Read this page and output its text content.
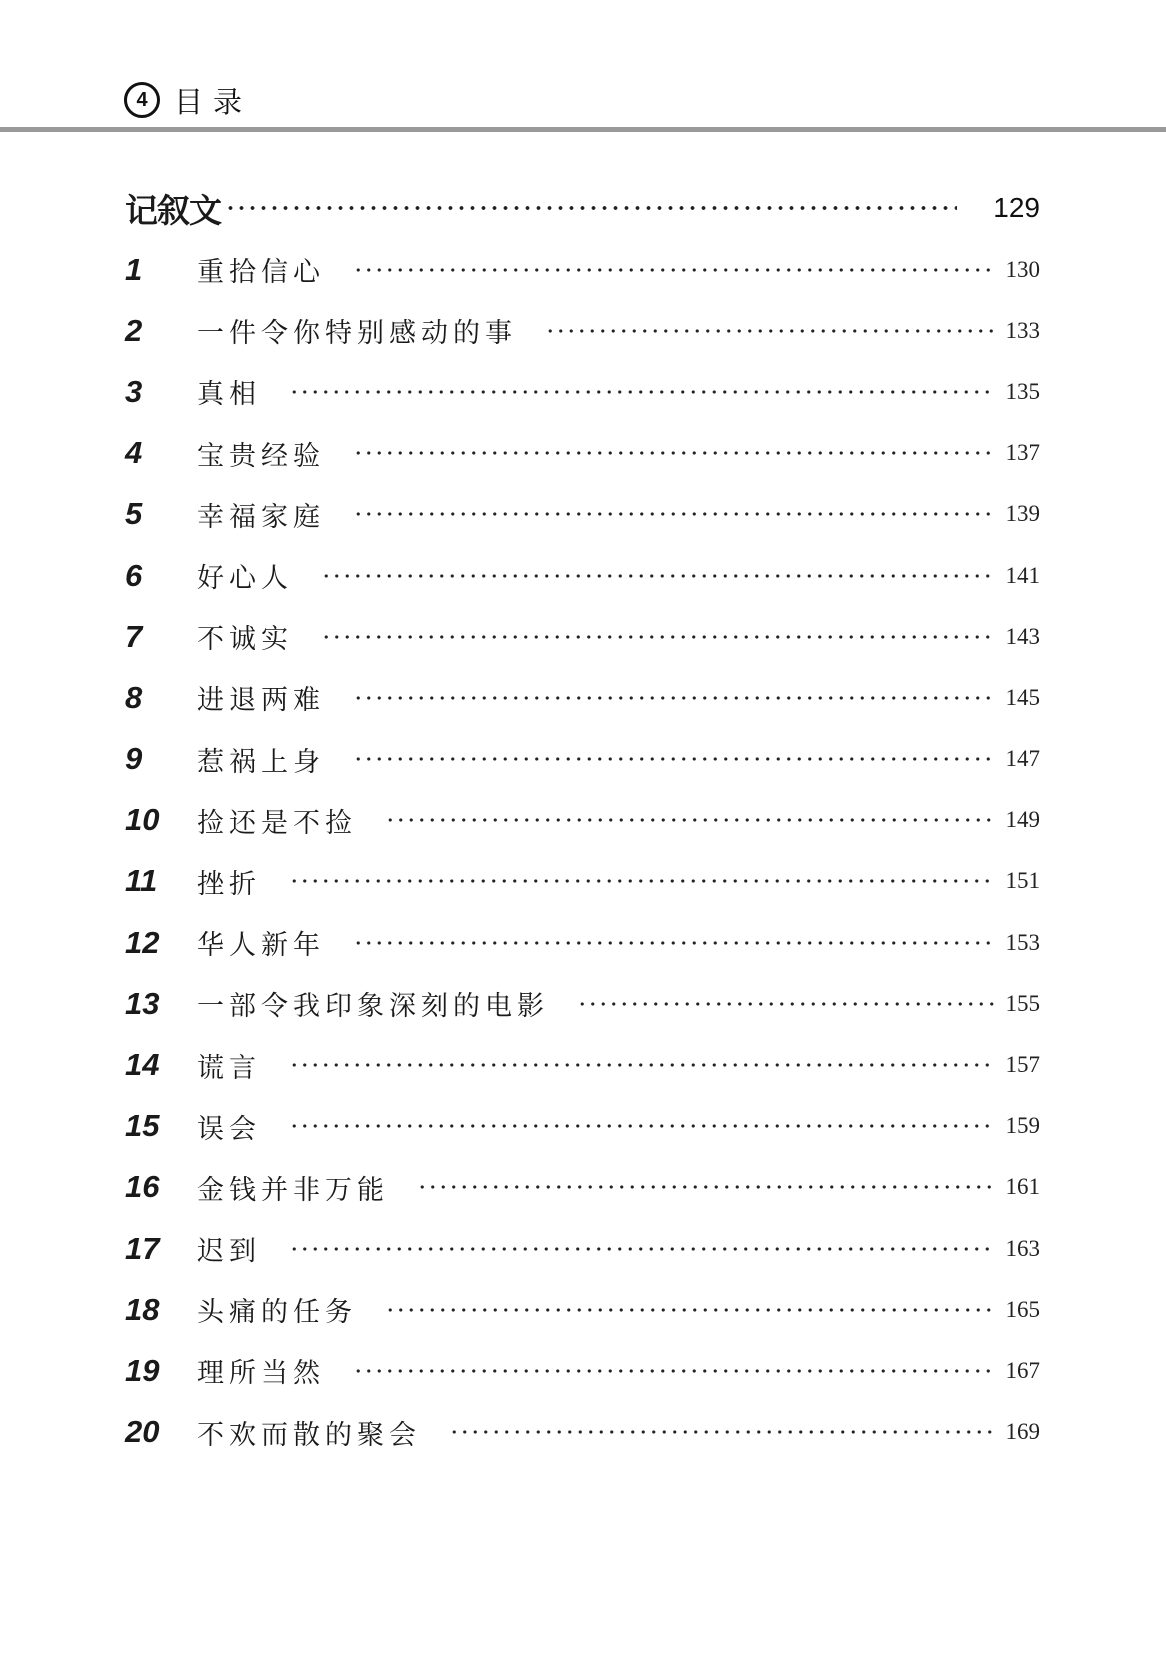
4 目录
记叙文	129
1	重拾信心	130
2	一件令你特别感动的事	133
3	真相	135
4	宝贵经验	137
5	幸福家庭	139
6	好心人	141
7	不诚实	143
8	进退两难	145
9	惹祸上身	147
10	捡还是不捡	149
11	挫折	151
12	华人新年	153
13	一部令我印象深刻的电影	155
14	谎言	157
15	误会	159
16	金钱并非万能	161
17	迟到	163
18	头痛的任务	165
19	理所当然	167
20	不欢而散的聚会	169
